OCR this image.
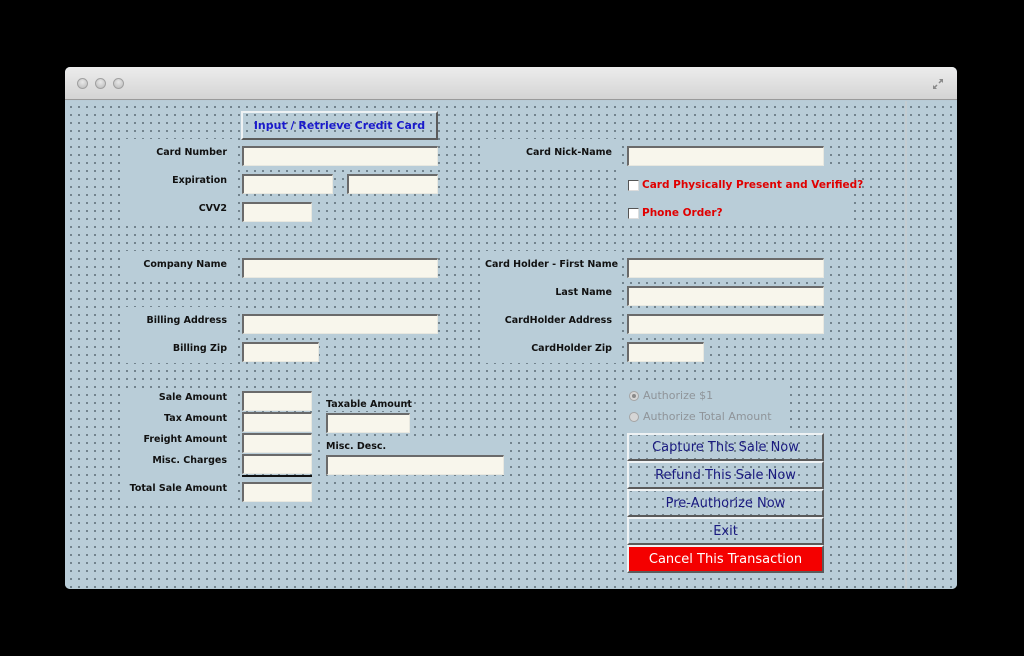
Input / Retrieve Credit Card
Card Number
Expiration
CVV2
Card Nick-Name
Card Physically Present and Verified?
Phone Order?
Company Name
Billing Address
Billing Zip
Card Holder - First Name
Last Name
CardHolder Address
CardHolder Zip
Sale Amount
Tax Amount
Freight Amount
Misc. Charges
Total Sale Amount
Taxable Amount
Misc. Desc.
Authorize $1
Authorize Total Amount
Capture This Sale Now
Refund This Sale Now
Pre-Authorize Now
Exit
Cancel This Transaction
